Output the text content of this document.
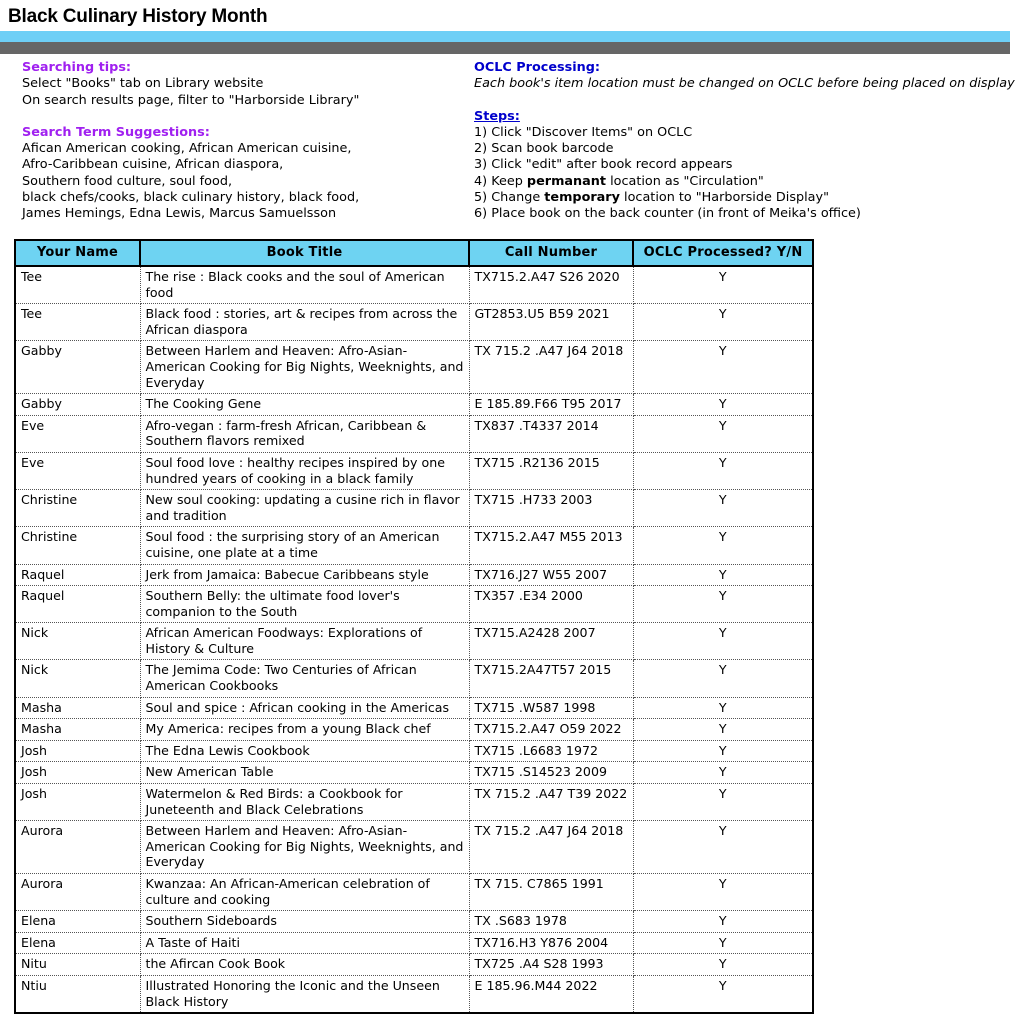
Black Culinary History Month
Searching tips:
Select "Books" tab on Library website
On search results page, filter to "Harborside Library"
Search Term Suggestions:
Afican American cooking, African American cuisine,
Afro-Caribbean cuisine, African diaspora,
Southern food culture, soul food,
black chefs/cooks, black culinary history, black food,
James Hemings, Edna Lewis, Marcus Samuelsson
OCLC Processing:
Each book's item location must be changed on OCLC before being placed on display
Steps:
1) Click "Discover Items" on OCLC
2) Scan book barcode
3) Click "edit" after book record appears
4) Keep permanant location as "Circulation"
5) Change temporary location to "Harborside Display"
6) Place book on the back counter (in front of Meika's office)
Your Name	Book Title	Call Number	OCLC Processed? Y/N
Tee	The rise : Black cooks and the soul of American food	TX715.2.A47 S26 2020	Y
Tee	Black food : stories, art & recipes from across the African diaspora	GT2853.U5 B59 2021	Y
Gabby	Between Harlem and Heaven: Afro-Asian-American Cooking for Big Nights, Weeknights, and Everyday	TX 715.2 .A47 J64 2018	Y
Gabby	The Cooking Gene	E 185.89.F66 T95 2017	Y
Eve	Afro-vegan : farm-fresh African, Caribbean & Southern flavors remixed	TX837 .T4337 2014	Y
Eve	Soul food love : healthy recipes inspired by one hundred years of cooking in a black family	TX715 .R2136 2015	Y
Christine	New soul cooking: updating a cusine rich in flavor and tradition	TX715 .H733 2003	Y
Christine	Soul food : the surprising story of an American cuisine, one plate at a time	TX715.2.A47 M55 2013	Y
Raquel	Jerk from Jamaica: Babecue Caribbeans style	TX716.J27 W55 2007	Y
Raquel	Southern Belly: the ultimate food lover's companion to the South	TX357 .E34 2000	Y
Nick	African American Foodways: Explorations of History & Culture	TX715.A2428 2007	Y
Nick	The Jemima Code: Two Centuries of African American Cookbooks	TX715.2A47T57 2015	Y
Masha	Soul and spice : African cooking in the Americas	TX715 .W587 1998	Y
Masha	My America: recipes from a young Black chef	TX715.2.A47 O59 2022	Y
Josh	The Edna Lewis Cookbook	TX715 .L6683 1972	Y
Josh	New American Table	TX715 .S14523 2009	Y
Josh	Watermelon & Red Birds: a Cookbook for Juneteenth and Black Celebrations	TX 715.2 .A47 T39 2022	Y
Aurora	Between Harlem and Heaven: Afro-Asian-American Cooking for Big Nights, Weeknights, and Everyday	TX 715.2 .A47 J64 2018	Y
Aurora	Kwanzaa: An African-American celebration of culture and cooking	TX 715. C7865 1991	Y
Elena	Southern Sideboards	TX .S683 1978	Y
Elena	A Taste of Haiti	TX716.H3 Y876 2004	Y
Nitu	the Afircan Cook Book	TX725 .A4 S28 1993	Y
Ntiu	Illustrated Honoring the Iconic and the Unseen Black History	E 185.96.M44 2022	Y
